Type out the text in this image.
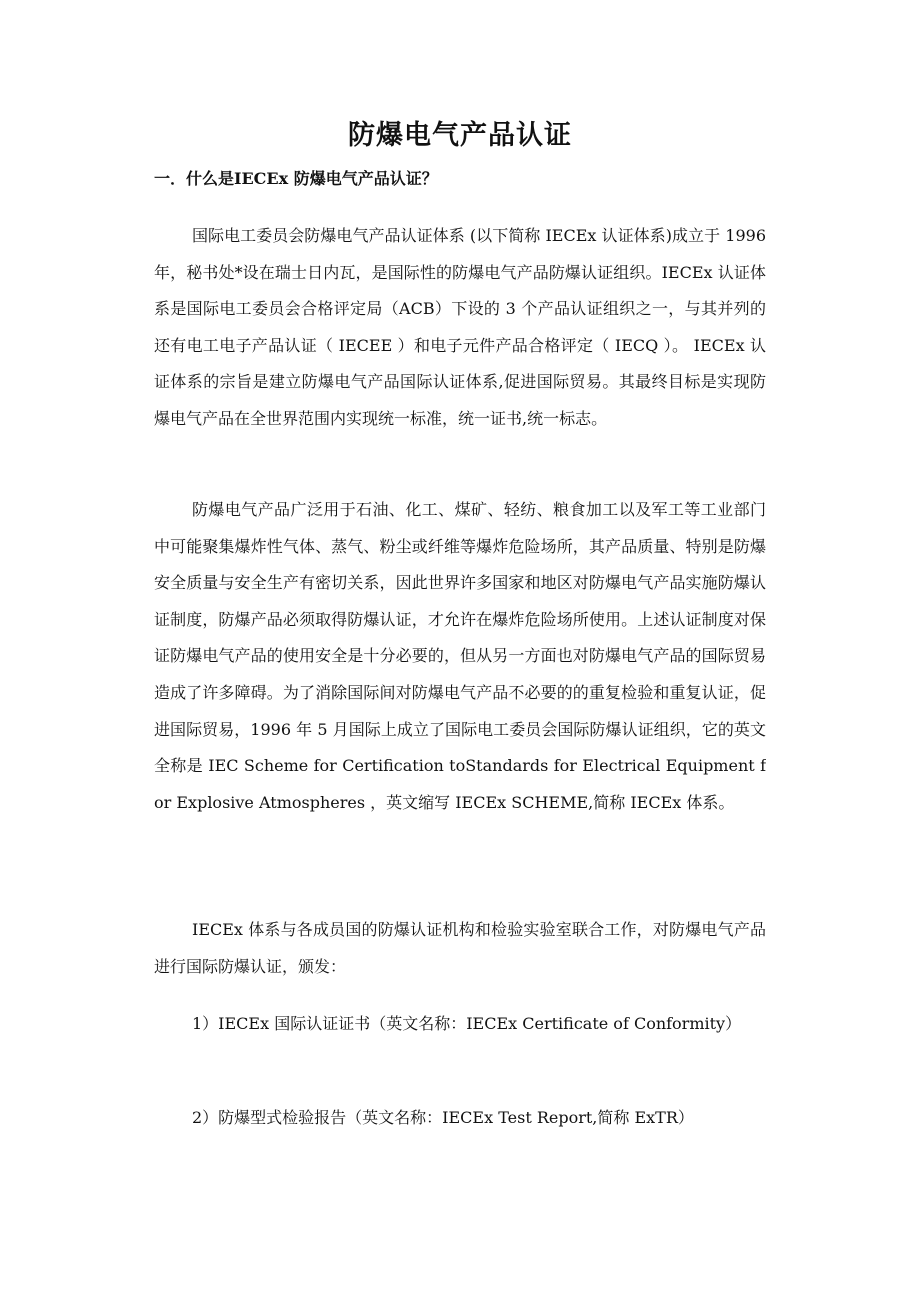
防爆电气产品认证
一．什么是IECEx 防爆电气产品认证？

国际电工委员会防爆电气产品认证体系 (以下简称 IECEx 认证体系)成立于 1996 年，秘书处*设在瑞士日内瓦，是国际性的防爆电气产品防爆认证组织。IECEx 认证体系是国际电工委员会合格评定局（ACB）下设的 3 个产品认证组织之一，与其并列的还有电工电子产品认证（ IECEE ）和电子元件产品合格评定（ IECQ ）。 IECEx 认证体系的宗旨是建立防爆电气产品国际认证体系,促进国际贸易。其最终目标是实现防爆电气产品在全世界范围内实现统一标准，统一证书,统一标志。

防爆电气产品广泛用于石油、化工、煤矿、轻纺、粮食加工以及军工等工业部门中可能聚集爆炸性气体、蒸气、粉尘或纤维等爆炸危险场所，其产品质量、特别是防爆安全质量与安全生产有密切关系，因此世界许多国家和地区对防爆电气产品实施防爆认证制度，防爆产品必须取得防爆认证，才允许在爆炸危险场所使用。上述认证制度对保证防爆电气产品的使用安全是十分必要的，但从另一方面也对防爆电气产品的国际贸易造成了许多障碍。为了消除国际间对防爆电气产品不必要的的重复检验和重复认证，促进国际贸易，1996 年 5 月国际上成立了国际电工委员会国际防爆认证组织，它的英文全称是 IEC Scheme for Certification toStandards for Electrical Equipment for Explosive Atmospheres ，英文缩写 IECEx SCHEME,简称 IECEx 体系。

IECEx 体系与各成员国的防爆认证机构和检验实验室联合工作，对防爆电气产品进行国际防爆认证，颁发：

1）IECEx 国际认证证书（英文名称：IECEx Certificate of Conformity）

2）防爆型式检验报告（英文名称：IECEx Test Report,简称 ExTR）
